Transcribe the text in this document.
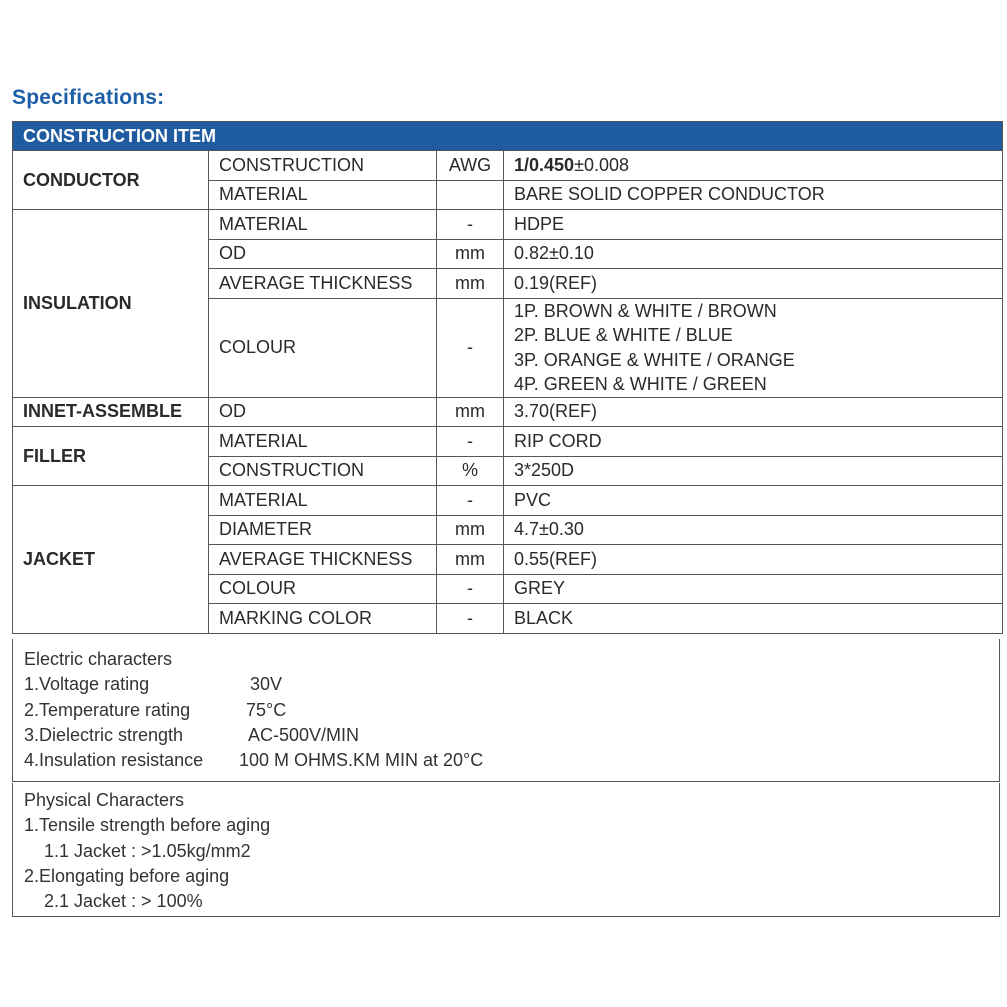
Specifications:
CONSTRUCTION ITEM			
CONDUCTOR	CONSTRUCTION	AWG	1/0.450±0.008
	MATERIAL		BARE SOLID COPPER CONDUCTOR
INSULATION	MATERIAL	-	HDPE
	OD	mm	0.82±0.10
	AVERAGE THICKNESS	mm	0.19(REF)
	COLOUR	-	1P. BROWN & WHITE / BROWN
2P. BLUE & WHITE / BLUE
3P. ORANGE & WHITE / ORANGE
4P. GREEN & WHITE / GREEN

INNET-ASSEMBLE	OD	mm	3.70(REF)
FILLER	MATERIAL	-	RIP CORD
	CONSTRUCTION	%	3*250D
JACKET	MATERIAL	-	PVC
	DIAMETER	mm	4.7±0.30
	AVERAGE THICKNESS	mm	0.55(REF)
	COLOUR	-	GREY
	MARKING COLOR	-	BLACK
Electric characters
1.Voltage rating	30V
2.Temperature rating	75°C
3.Dielectric strength	AC-500V/MIN
4.Insulation resistance 100 M OHMS.KM MIN at 20°C
Physical Characters
1.Tensile strength before aging
1.1 Jacket : >1.05kg/mm2
2.Elongating before aging
2.1 Jacket : > 100%
